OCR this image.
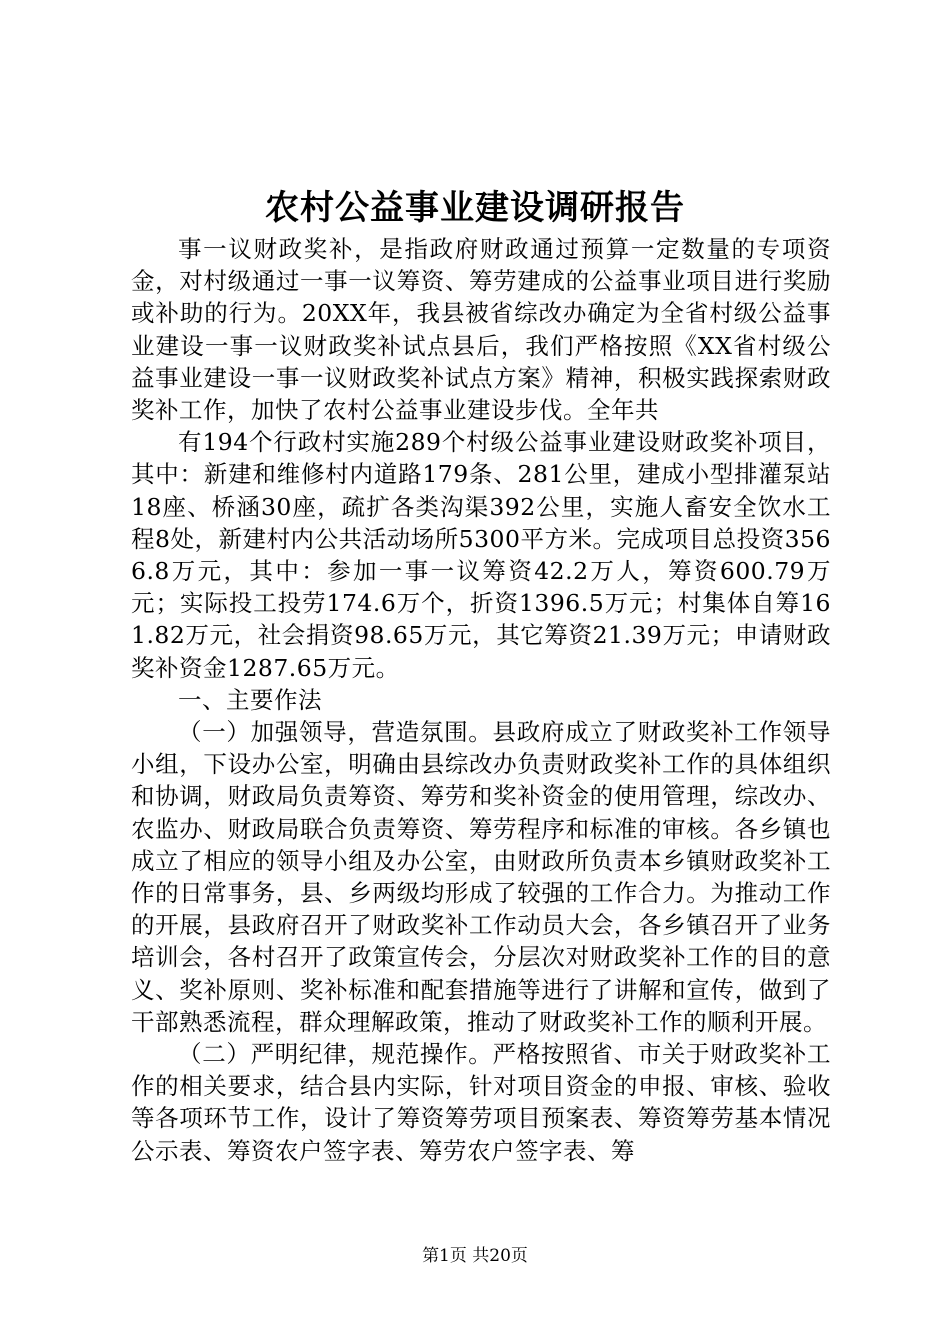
农村公益事业建设调研报告

事一议财政奖补，是指政府财政通过预算一定数量的专项资金，对村级通过一事一议筹资、筹劳建成的公益事业项目进行奖励或补助的行为。20XX年，我县被省综改办确定为全省村级公益事业建设一事一议财政奖补试点县后，我们严格按照《XX省村级公益事业建设一事一议财政奖补试点方案》精神，积极实践探索财政奖补工作，加快了农村公益事业建设步伐。全年共

有194个行政村实施289个村级公益事业建设财政奖补项目，其中：新建和维修村内道路179条、281公里，建成小型排灌泵站18座、桥涵30座，疏扩各类沟渠392公里，实施人畜安全饮水工程8处，新建村内公共活动场所5300平方米。完成项目总投资3566.8万元，其中：参加一事一议筹资42.2万人，筹资600.79万元；实际投工投劳174.6万个，折资1396.5万元；村集体自筹161.82万元，社会捐资98.65万元，其它筹资21.39万元；申请财政奖补资金1287.65万元。

一、主要作法

（一）加强领导，营造氛围。县政府成立了财政奖补工作领导小组，下设办公室，明确由县综改办负责财政奖补工作的具体组织和协调，财政局负责筹资、筹劳和奖补资金的使用管理，综改办、农监办、财政局联合负责筹资、筹劳程序和标准的审核。各乡镇也成立了相应的领导小组及办公室，由财政所负责本乡镇财政奖补工作的日常事务，县、乡两级均形成了较强的工作合力。为推动工作的开展，县政府召开了财政奖补工作动员大会，各乡镇召开了业务培训会，各村召开了政策宣传会，分层次对财政奖补工作的目的意义、奖补原则、奖补标准和配套措施等进行了讲解和宣传，做到了干部熟悉流程，群众理解政策，推动了财政奖补工作的顺利开展。

（二）严明纪律，规范操作。严格按照省、市关于财政奖补工作的相关要求，结合县内实际，针对项目资金的申报、审核、验收等各项环节工作，设计了筹资筹劳项目预案表、筹资筹劳基本情况公示表、筹资农户签字表、筹劳农户签字表、筹

第1页 共20页
